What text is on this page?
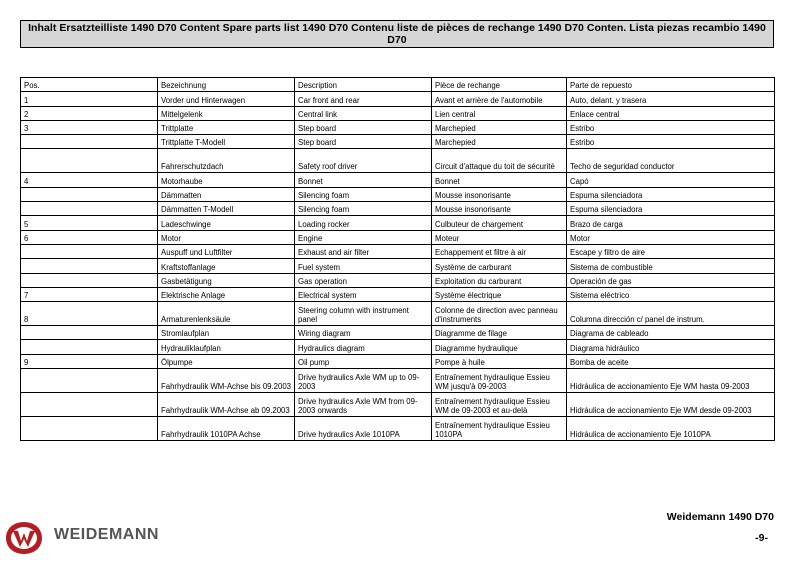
Inhalt Ersatzteilliste 1490 D70 Content Spare parts list 1490 D70 Contenu liste de pièces de rechange 1490 D70 Conten. Lista piezas recambio 1490 D70
Pos.	Bezeichnung	Description	Pièce de rechange	Parte de repuesto
1	Vorder und Hinterwagen	Car front and rear	Avant et arrière de l'automobile	Auto, delant. y trasera
2	Mittelgelenk	Central link	Lien central	Enlace central
3	Trittplatte	Step board	Marchepied	Estribo
	Trittplatte T-Modell	Step board	Marchepied	Estribo
	Fahrerschutzdach	Safety roof driver	Circuit d'attaque du toit de sécurité	Techo de seguridad conductor
4	Motorhaube	Bonnet	Bonnet	Capó
	Dämmatten	Silencing foam	Mousse insonorisante	Espuma silenciadora
	Dämmatten T-Modell	Silencing foam	Mousse insonorisante	Espuma silenciadora
5	Ladeschwinge	Loading rocker	Culbuteur de chargement	Brazo de carga
6	Motor	Engine	Moteur	Motor
	Auspuff und Luftfilter	Exhaust and air filter	Echappement et filtre à air	Escape y filtro de aire
	Kraftstoffanlage	Fuel system	Système de carburant	Sistema de combustible
	Gasbetätigung	Gas operation	Exploitation du carburant	Operación de gas
7	Elektrische Anlage	Electrical system	Système électrique	Sistema eléctrico
8	Armaturenlenksäule	Steering column with instrument panel	Colonne de direction avec panneau d'instruments	Columna dirección c/ panel de instrum.
	Stromlaufplan	Wiring diagram	Diagramme de filage	Diagrama de cableado
	Hydrauliklaufplan	Hydraulics diagram	Diagramme hydraulique	Diagrama hidráulico
9	Ölpumpe	Oil pump	Pompe à huile	Bomba de aceite
	Fahrhydraulik WM-Achse bis 09.2003	Drive hydraulics Axle WM up to 09-2003	Entraînement hydraulique Essieu WM jusqu'à 09-2003	Hidráulica de accionamiento Eje WM hasta 09-2003
	Fahrhydraulik WM-Achse ab 09.2003	Drive hydraulics Axle WM from 09-2003 onwards	Entraînement hydraulique Essieu WM de 09-2003 et au-delà	Hidráulica de accionamiento Eje WM desde 09-2003
	Fahrhydraulik 1010PA Achse	Drive hydraulics Axle 1010PA	Entraînement hydraulique Essieu 1010PA	Hidráulica de accionamiento Eje 1010PA
WEIDEMANN
Weidemann 1490 D70
-9-
